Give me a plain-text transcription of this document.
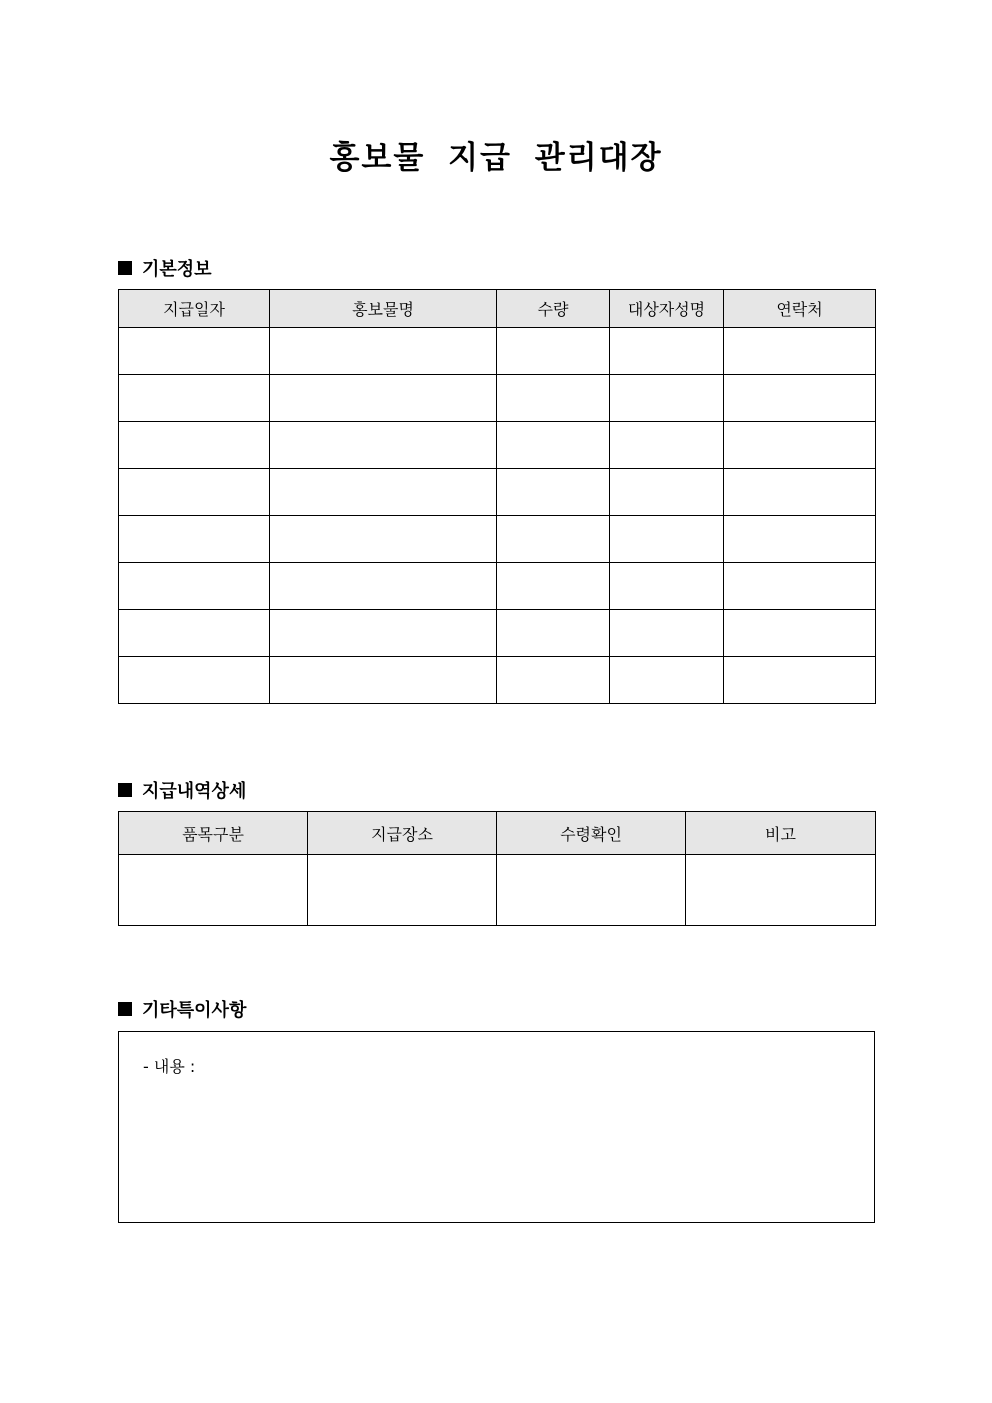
홍보물 지급 관리대장
기본정보
지급일자	홍보물명	수량	대상자성명	연락처

지급내역상세
품목구분	지급장소	수령확인	비고

기타특이사항
- 내용 :
